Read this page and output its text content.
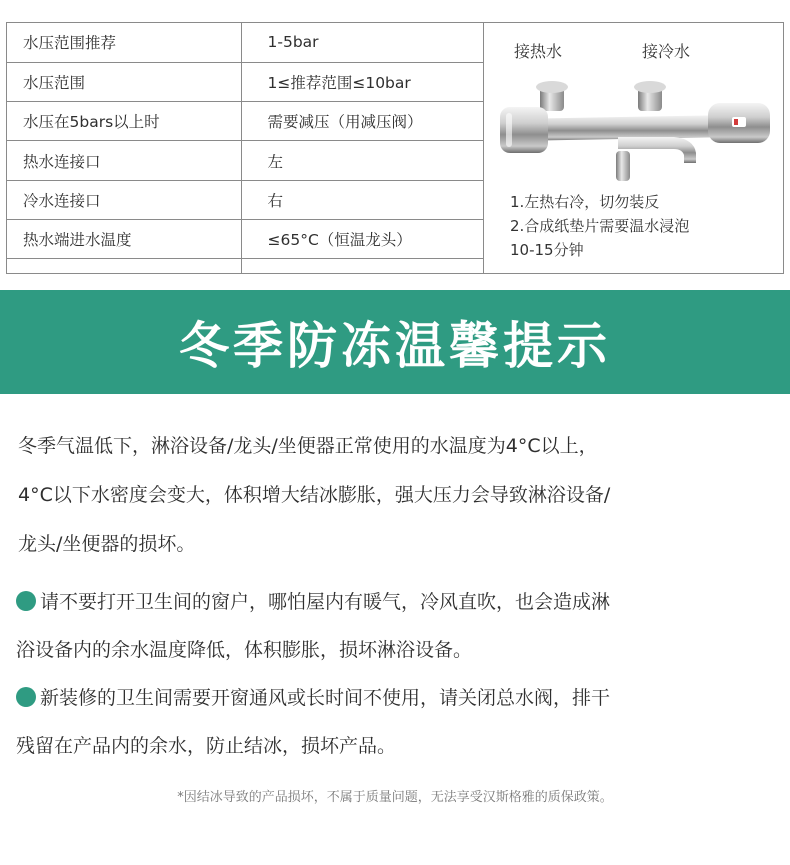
水压范围推荐	1-5bar
水压范围	1≤推荐范围≤10bar
水压在5bars以上时	需要减压（用减压阀）
热水连接口	左
冷水连接口	右
热水端进水温度	≤65°C（恒温龙头）

接热水	接冷水
1.左热右冷，切勿装反
2.合成纸垫片需要温水浸泡
10-15分钟
冬季防冻温馨提示
冬季气温低下，淋浴设备/龙头/坐便器正常使用的水温度为4°C以上，
4°C以下水密度会变大，体积增大结冰膨胀，强大压力会导致淋浴设备/
龙头/坐便器的损坏。
请不要打开卫生间的窗户，哪怕屋内有暖气，冷风直吹，也会造成淋
浴设备内的余水温度降低，体积膨胀，损坏淋浴设备。
新装修的卫生间需要开窗通风或长时间不使用，请关闭总水阀，排干
残留在产品内的余水，防止结冰，损坏产品。
*因结冰导致的产品损坏，不属于质量问题，无法享受汉斯格雅的质保政策。
